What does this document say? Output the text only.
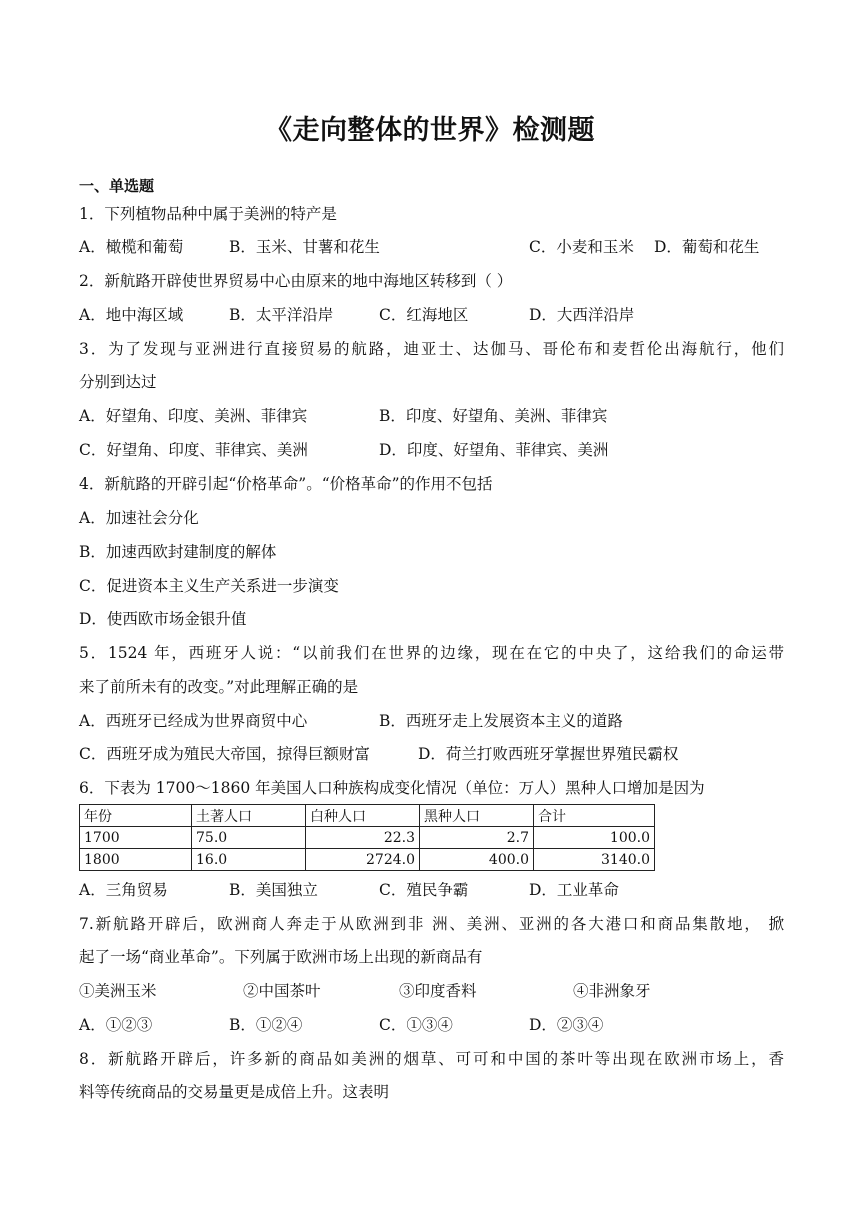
《走向整体的世界》检测题
一、单选题
1．下列植物品种中属于美洲的特产是
A．橄榄和葡萄	B．玉米、甘薯和花生	C．小麦和玉米 D．葡萄和花生
2．新航路开辟使世界贸易中心由原来的地中海地区转移到（ ）
A．地中海区域	B．太平洋沿岸	C．红海地区	D．大西洋沿岸
3．为了发现与亚洲进行直接贸易的航路，迪亚士、达伽马、哥伦布和麦哲伦出海航行，他们
分别到达过
A．好望角、印度、美洲、菲律宾	B．印度、好望角、美洲、菲律宾
C．好望角、印度、菲律宾、美洲	D．印度、好望角、菲律宾、美洲
4．新航路的开辟引起“价格革命”。“价格革命”的作用不包括
A．加速社会分化
B．加速西欧封建制度的解体
C．促进资本主义生产关系进一步演变
D．使西欧市场金银升值
5．1524 年，西班牙人说：“以前我们在世界的边缘，现在在它的中央了，这给我们的命运带
来了前所未有的改变。”对此理解正确的是
A．西班牙已经成为世界商贸中心	B．西班牙走上发展资本主义的道路
C．西班牙成为殖民大帝国，掠得巨额财富	D．荷兰打败西班牙掌握世界殖民霸权
6．下表为 1700～1860 年美国人口种族构成变化情况（单位：万人）黑种人口增加是因为
年份	土著人口	白种人口	黑种人口	合计
1700	75.0	22.3	2.7	100.0
1800	16.0	2724.0	400.0	3140.0
A．三角贸易	B．美国独立	C．殖民争霸	D．工业革命
7.新航路开辟后，欧洲商人奔走于从欧洲到非 洲、美洲、亚洲的各大港口和商品集散地， 掀
起了一场“商业革命”。下列属于欧洲市场上出现的新商品有
①美洲玉米	②中国茶叶	③印度香料	④非洲象牙
A．①②③	B．①②④	C．①③④	D．②③④
8．新航路开辟后，许多新的商品如美洲的烟草、可可和中国的茶叶等出现在欧洲市场上，香
料等传统商品的交易量更是成倍上升。这表明
